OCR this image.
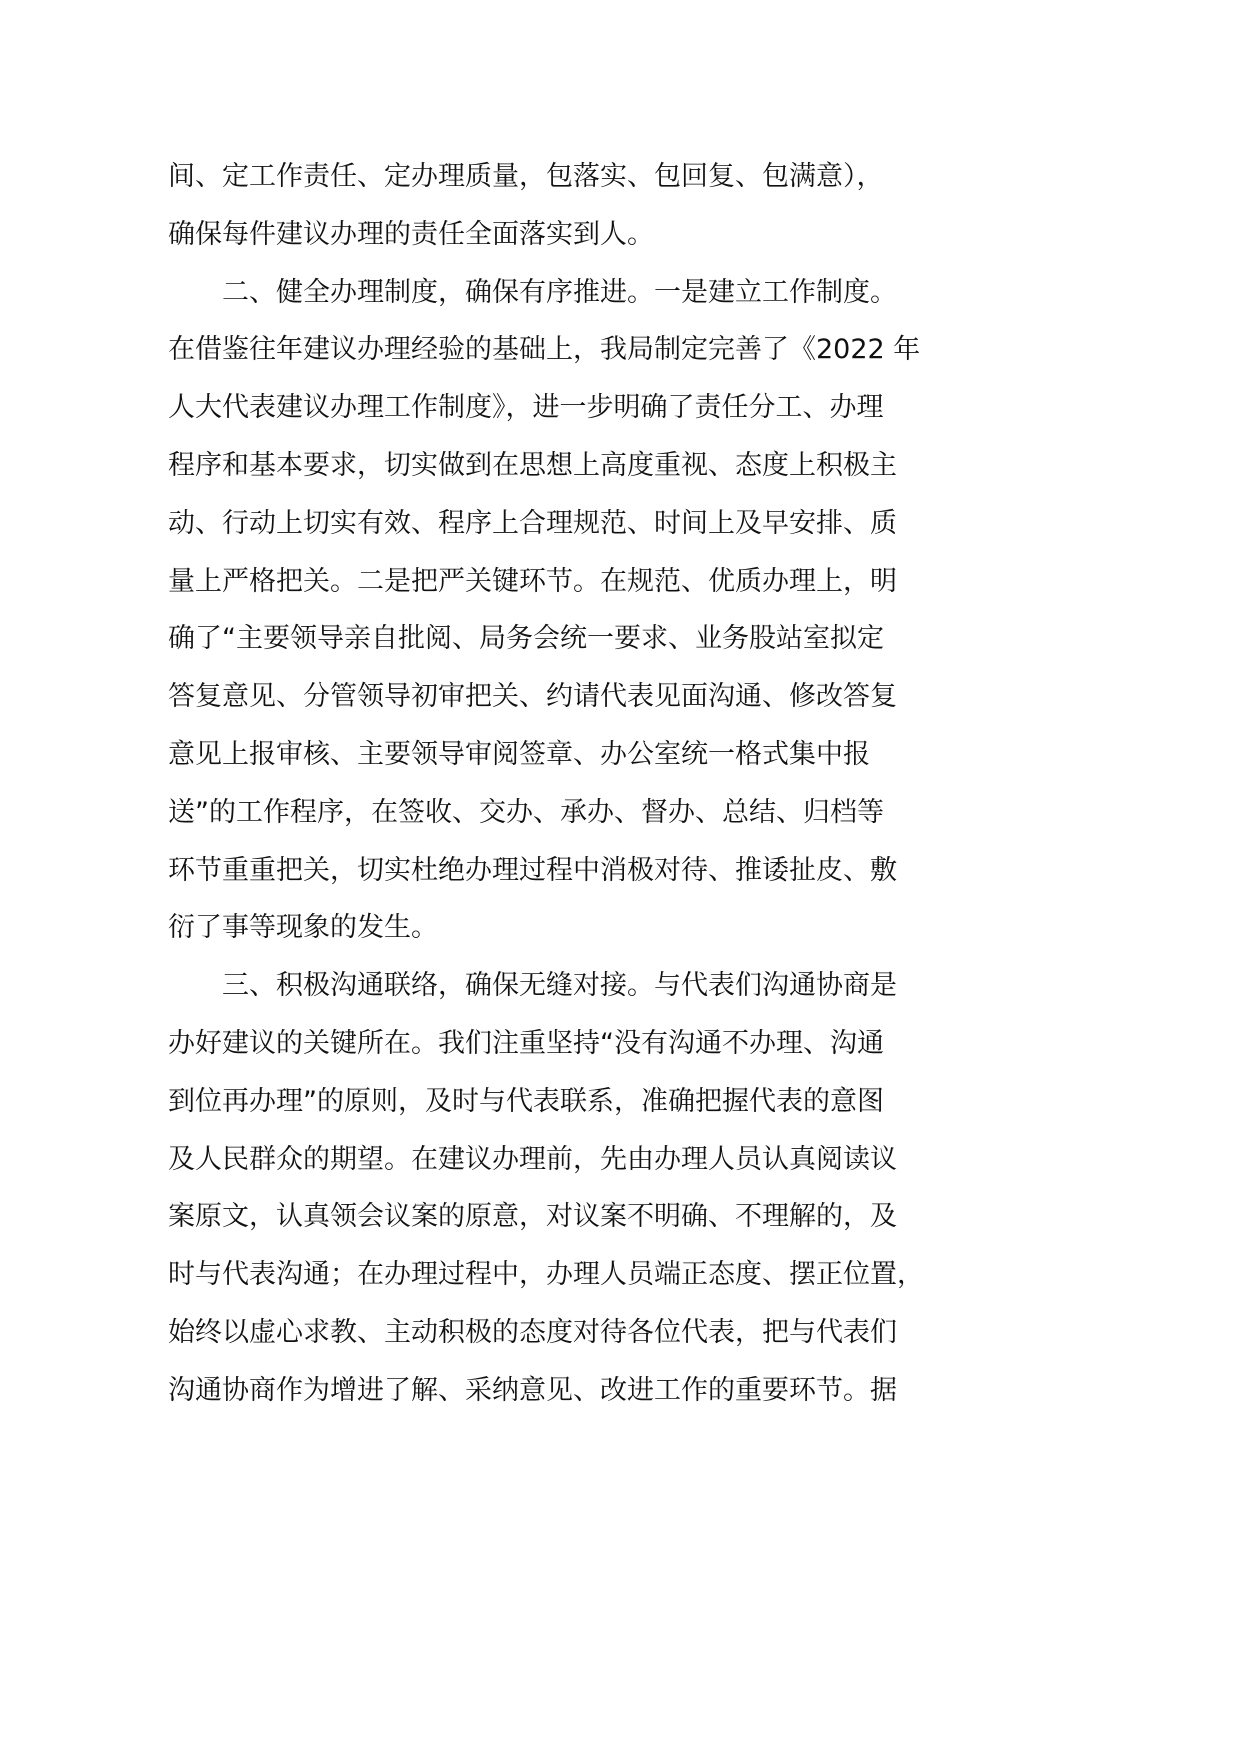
间、定工作责任、定办理质量，包落实、包回复、包满意），
确保每件建议办理的责任全面落实到人。
二、健全办理制度，确保有序推进。一是建立工作制度。
在借鉴往年建议办理经验的基础上，我局制定完善了《2022 年
人大代表建议办理工作制度》，进一步明确了责任分工、办理
程序和基本要求，切实做到在思想上高度重视、态度上积极主
动、行动上切实有效、程序上合理规范、时间上及早安排、质
量上严格把关。二是把严关键环节。在规范、优质办理上，明
确了“主要领导亲自批阅、局务会统一要求、业务股站室拟定
答复意见、分管领导初审把关、约请代表见面沟通、修改答复
意见上报审核、主要领导审阅签章、办公室统一格式集中报
送”的工作程序，在签收、交办、承办、督办、总结、归档等
环节重重把关，切实杜绝办理过程中消极对待、推诿扯皮、敷
衍了事等现象的发生。
三、积极沟通联络，确保无缝对接。与代表们沟通协商是
办好建议的关键所在。我们注重坚持“没有沟通不办理、沟通
到位再办理”的原则，及时与代表联系，准确把握代表的意图
及人民群众的期望。在建议办理前，先由办理人员认真阅读议
案原文，认真领会议案的原意，对议案不明确、不理解的，及
时与代表沟通；在办理过程中，办理人员端正态度、摆正位置，
始终以虚心求教、主动积极的态度对待各位代表，把与代表们
沟通协商作为增进了解、采纳意见、改进工作的重要环节。据
